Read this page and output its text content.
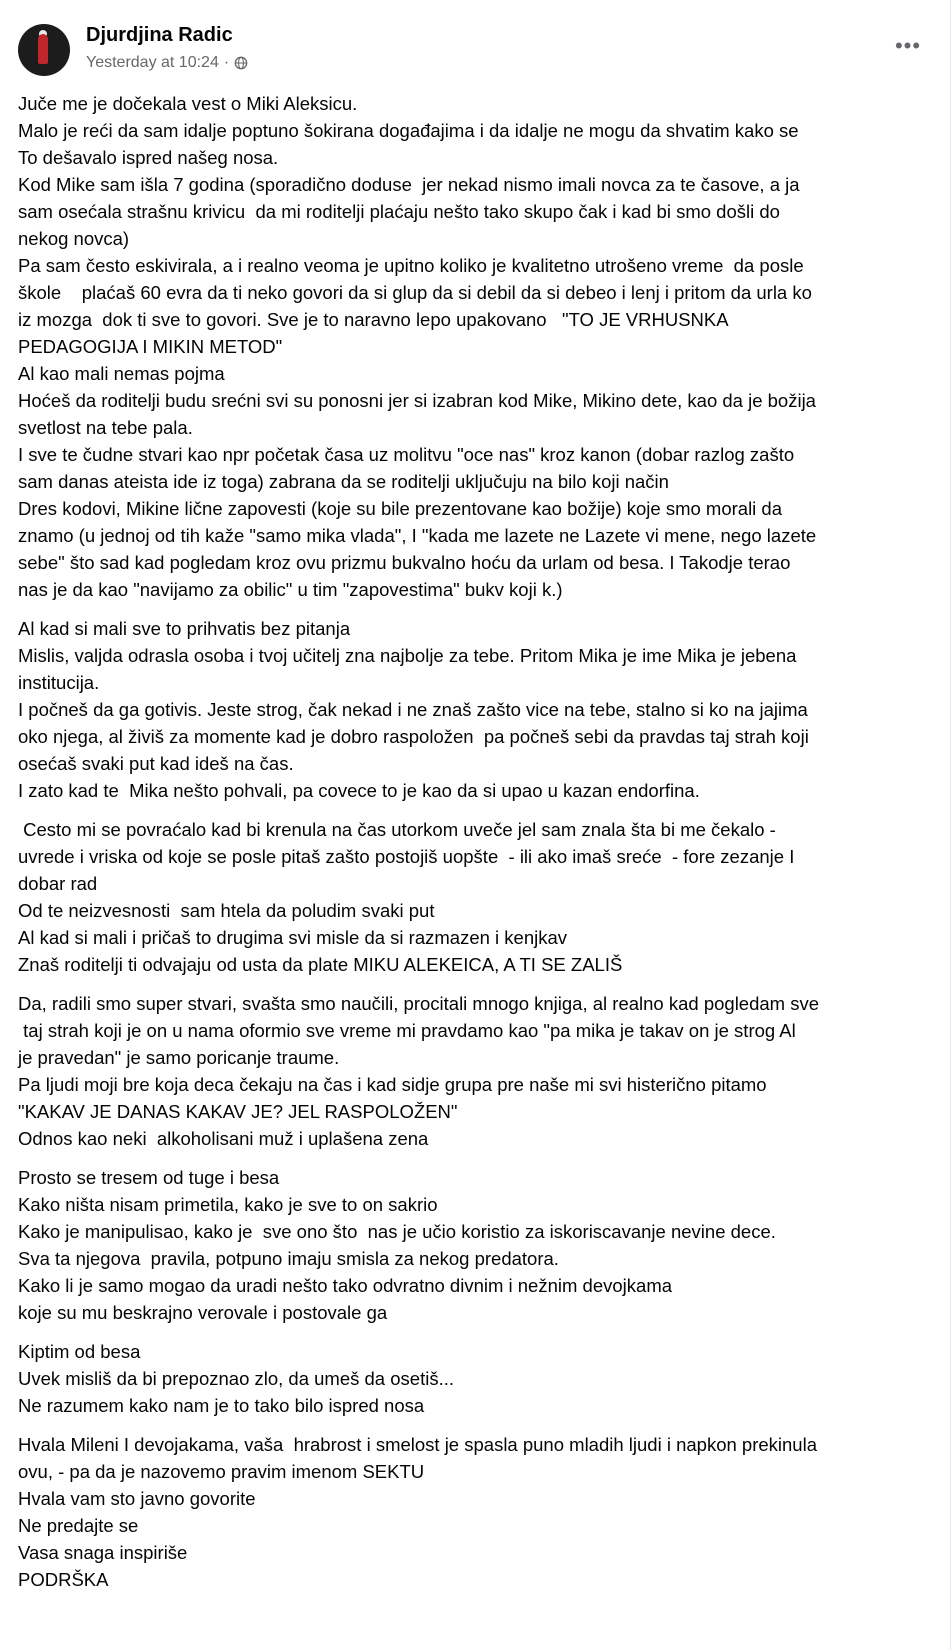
Djurdjina Radic
Yesterday at 10:24 ·
•••
Juče me je dočekala vest o Miki Aleksicu.
Malo je reći da sam idalje poptuno šokirana događajima i da idalje ne mogu da shvatim kako se
To dešavalo ispred našeg nosa.
Kod Mike sam išla 7 godina (sporadično doduse  jer nekad nismo imali novca za te časove, a ja
sam osećala strašnu krivicu  da mi roditelji plaćaju nešto tako skupo čak i kad bi smo došli do
nekog novca)
Pa sam često eskivirala, a i realno veoma je upitno koliko je kvalitetno utrošeno vreme  da posle
škole    plaćaš 60 evra da ti neko govori da si glup da si debil da si debeo i lenj i pritom da urla ko
iz mozga  dok ti sve to govori. Sve je to naravno lepo upakovano   "TO JE VRHUSNKA
PEDAGOGIJA I MIKIN METOD"
Al kao mali nemas pojma
Hoćeš da roditelji budu srećni svi su ponosni jer si izabran kod Mike, Mikino dete, kao da je božija
svetlost na tebe pala.
I sve te čudne stvari kao npr početak časa uz molitvu "oce nas" kroz kanon (dobar razlog zašto
sam danas ateista ide iz toga) zabrana da se roditelji uključuju na bilo koji način
Dres kodovi, Mikine lične zapovesti (koje su bile prezentovane kao božije) koje smo morali da
znamo (u jednoj od tih kaže "samo mika vlada", I "kada me lazete ne Lazete vi mene, nego lazete
sebe" što sad kad pogledam kroz ovu prizmu bukvalno hoću da urlam od besa. I Takodje terao
nas je da kao "navijamo za obilic" u tim "zapovestima" bukv koji k.)
Al kad si mali sve to prihvatis bez pitanja
Mislis, valjda odrasla osoba i tvoj učitelj zna najbolje za tebe. Pritom Mika je ime Mika je jebena
institucija.
I počneš da ga gotivis. Jeste strog, čak nekad i ne znaš zašto vice na tebe, stalno si ko na jajima
oko njega, al živiš za momente kad je dobro raspoložen  pa počneš sebi da pravdas taj strah koji
osećaš svaki put kad ideš na čas.
I zato kad te  Mika nešto pohvali, pa covece to je kao da si upao u kazan endorfina.
Cesto mi se povraćalo kad bi krenula na čas utorkom uveče jel sam znala šta bi me čekalo -
uvrede i vriska od koje se posle pitaš zašto postojiš uopšte  - ili ako imaš sreće  - fore zezanje I
dobar rad
Od te neizvesnosti  sam htela da poludim svaki put
Al kad si mali i pričaš to drugima svi misle da si razmazen i kenjkav
Znaš roditelji ti odvajaju od usta da plate MIKU ALEKEICA, A TI SE ZALIŠ
Da, radili smo super stvari, svašta smo naučili, procitali mnogo knjiga, al realno kad pogledam sve
taj strah koji je on u nama oformio sve vreme mi pravdamo kao "pa mika je takav on je strog Al
je pravedan" je samo poricanje traume.
Pa ljudi moji bre koja deca čekaju na čas i kad sidje grupa pre naše mi svi histerično pitamo
"KAKAV JE DANAS KAKAV JE? JEL RASPOLOŽEN"
Odnos kao neki  alkoholisani muž i uplašena zena
Prosto se tresem od tuge i besa
Kako ništa nisam primetila, kako je sve to on sakrio
Kako je manipulisao, kako je  sve ono što  nas je učio koristio za iskoriscavanje nevine dece.
Sva ta njegova  pravila, potpuno imaju smisla za nekog predatora.
Kako li je samo mogao da uradi nešto tako odvratno divnim i nežnim devojkama
koje su mu beskrajno verovale i postovale ga
Kiptim od besa
Uvek misliš da bi prepoznao zlo, da umeš da osetiš...
Ne razumem kako nam je to tako bilo ispred nosa
Hvala Mileni I devojakama, vaša  hrabrost i smelost je spasla puno mladih ljudi i napkon prekinula
ovu, - pa da je nazovemo pravim imenom SEKTU
Hvala vam sto javno govorite
Ne predajte se
Vasa snaga inspiriše
PODRŠKA
